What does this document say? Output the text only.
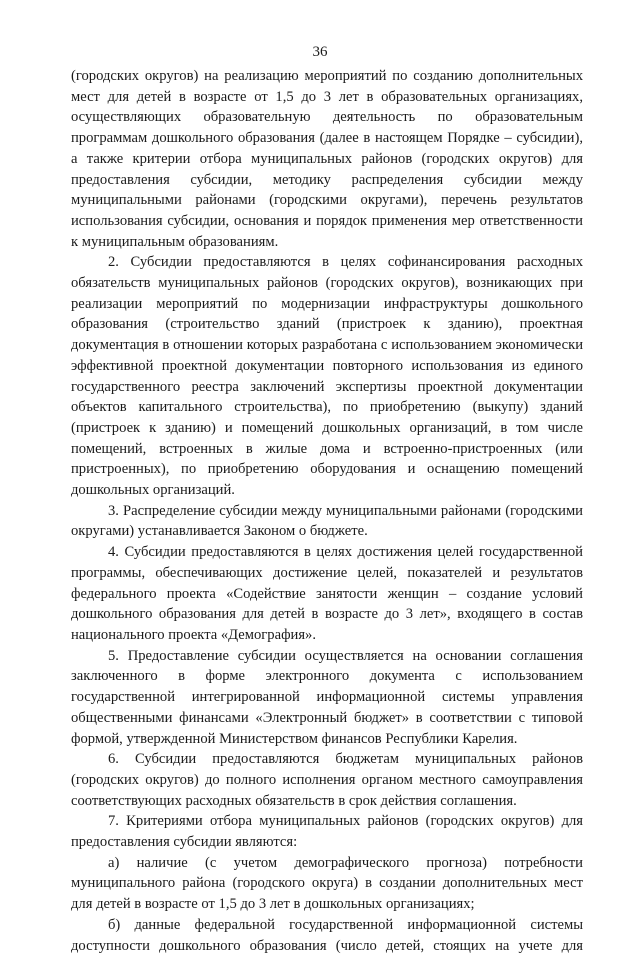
36

(городских округов) на реализацию мероприятий по созданию дополнительных мест для детей в возрасте от 1,5 до 3 лет в образовательных организациях, осуществляющих образовательную деятельность по образовательным программам дошкольного образования (далее в настоящем Порядке – субсидии), а также критерии отбора муниципальных районов (городских округов) для предоставления субсидии, методику распределения субсидии между муниципальными районами (городскими округами), перечень результатов использования субсидии, основания и порядок применения мер ответственности к муниципальным образованиям.

2. Субсидии предоставляются в целях софинансирования расходных обязательств муниципальных районов (городских округов), возникающих при реализации мероприятий по модернизации инфраструктуры дошкольного образования (строительство зданий (пристроек к зданию), проектная документация в отношении которых разработана с использованием экономически эффективной проектной документации повторного использования из единого государственного реестра заключений экспертизы проектной документации объектов капитального строительства), по приобретению (выкупу) зданий (пристроек к зданию) и помещений дошкольных организаций, в том числе помещений, встроенных в жилые дома и встроенно-пристроенных (или пристроенных), по приобретению оборудования и оснащению помещений дошкольных организаций.

3. Распределение субсидии между муниципальными районами (городскими округами) устанавливается Законом о бюджете.

4. Субсидии предоставляются в целях достижения целей государственной программы, обеспечивающих достижение целей, показателей и результатов федерального проекта «Содействие занятости женщин – создание условий дошкольного образования для детей в возрасте до 3 лет», входящего в состав национального проекта «Демография».

5. Предоставление субсидии осуществляется на основании соглашения заключенного в форме электронного документа с использованием государственной интегрированной информационной системы управления общественными финансами «Электронный бюджет» в соответствии с типовой формой, утвержденной Министерством финансов Республики Карелия.

6. Субсидии предоставляются бюджетам муниципальных районов (городских округов) до полного исполнения органом местного самоуправления соответствующих расходных обязательств в срок действия соглашения.

7. Критериями отбора муниципальных районов (городских округов) для предоставления субсидии являются:

а) наличие (с учетом демографического прогноза) потребности муниципального района (городского округа) в создании дополнительных мест для детей в возрасте от 1,5 до 3 лет в дошкольных организациях;

б) данные федеральной государственной информационной системы доступности дошкольного образования (число детей, стоящих на учете для
